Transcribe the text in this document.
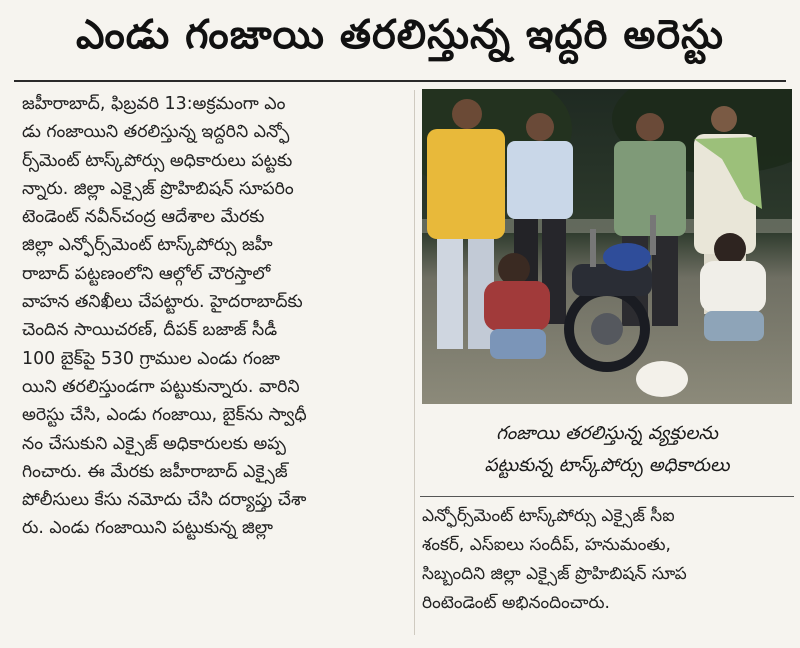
ఎండు గంజాయి తరలిస్తున్న ఇద్దరి అరెస్టు
జహీరాబాద్, ఫిబ్రవరి 13:అక్రమంగా ఎం
డు గంజాయిని తరలిస్తున్న ఇద్దరిని ఎన్ఫో
ర్స్‌మెంట్ టాస్క్‌పోర్సు అధికారులు పట్టకు
న్నారు. జిల్లా ఎక్సైజ్ ప్రొహిబిషన్ సూపరిం
టెండెంట్ నవీన్‌చంద్ర ఆదేశాల మేరకు
జిల్లా ఎన్ఫోర్స్‌మెంట్ టాస్క్‌పోర్సు జహీ
రాబాద్ పట్టణంలోని ఆల్గోల్ చౌరస్తాలో
వాహన తనిఖీలు చేపట్టారు. హైదరాబాద్‌కు
చెందిన సాయిచరణ్, దీపక్ బజాజ్ సీడీ
100 బైక్‌పై 530 గ్రాముల ఎండు గంజా
యిని తరలిస్తుండగా పట్టుకున్నారు. వారిని
అరెస్టు చేసి, ఎండు గంజాయి, బైక్‌ను స్వాధీ
నం చేసుకుని ఎక్సైజ్ అధికారులకు అప్ప
గించారు. ఈ మేరకు జహీరాబాద్ ఎక్సైజ్
పోలీసులు కేసు నమోదు చేసి దర్యాప్తు చేశా
రు. ఎండు గంజాయిని పట్టుకున్న జిల్లా
గంజాయి తరలిస్తున్న వ్యక్తులను
పట్టుకున్న టాస్క్‌పోర్సు అధికారులు
ఎన్ఫోర్స్‌మెంట్ టాస్క్‌పోర్సు ఎక్సైజ్ సీఐ
శంకర్, ఎస్ఐలు సందీప్, హనుమంతు,
సిబ్బందిని జిల్లా ఎక్సైజ్ ప్రొహిబిషన్ సూప
రింటెండెంట్ అభినందించారు.
